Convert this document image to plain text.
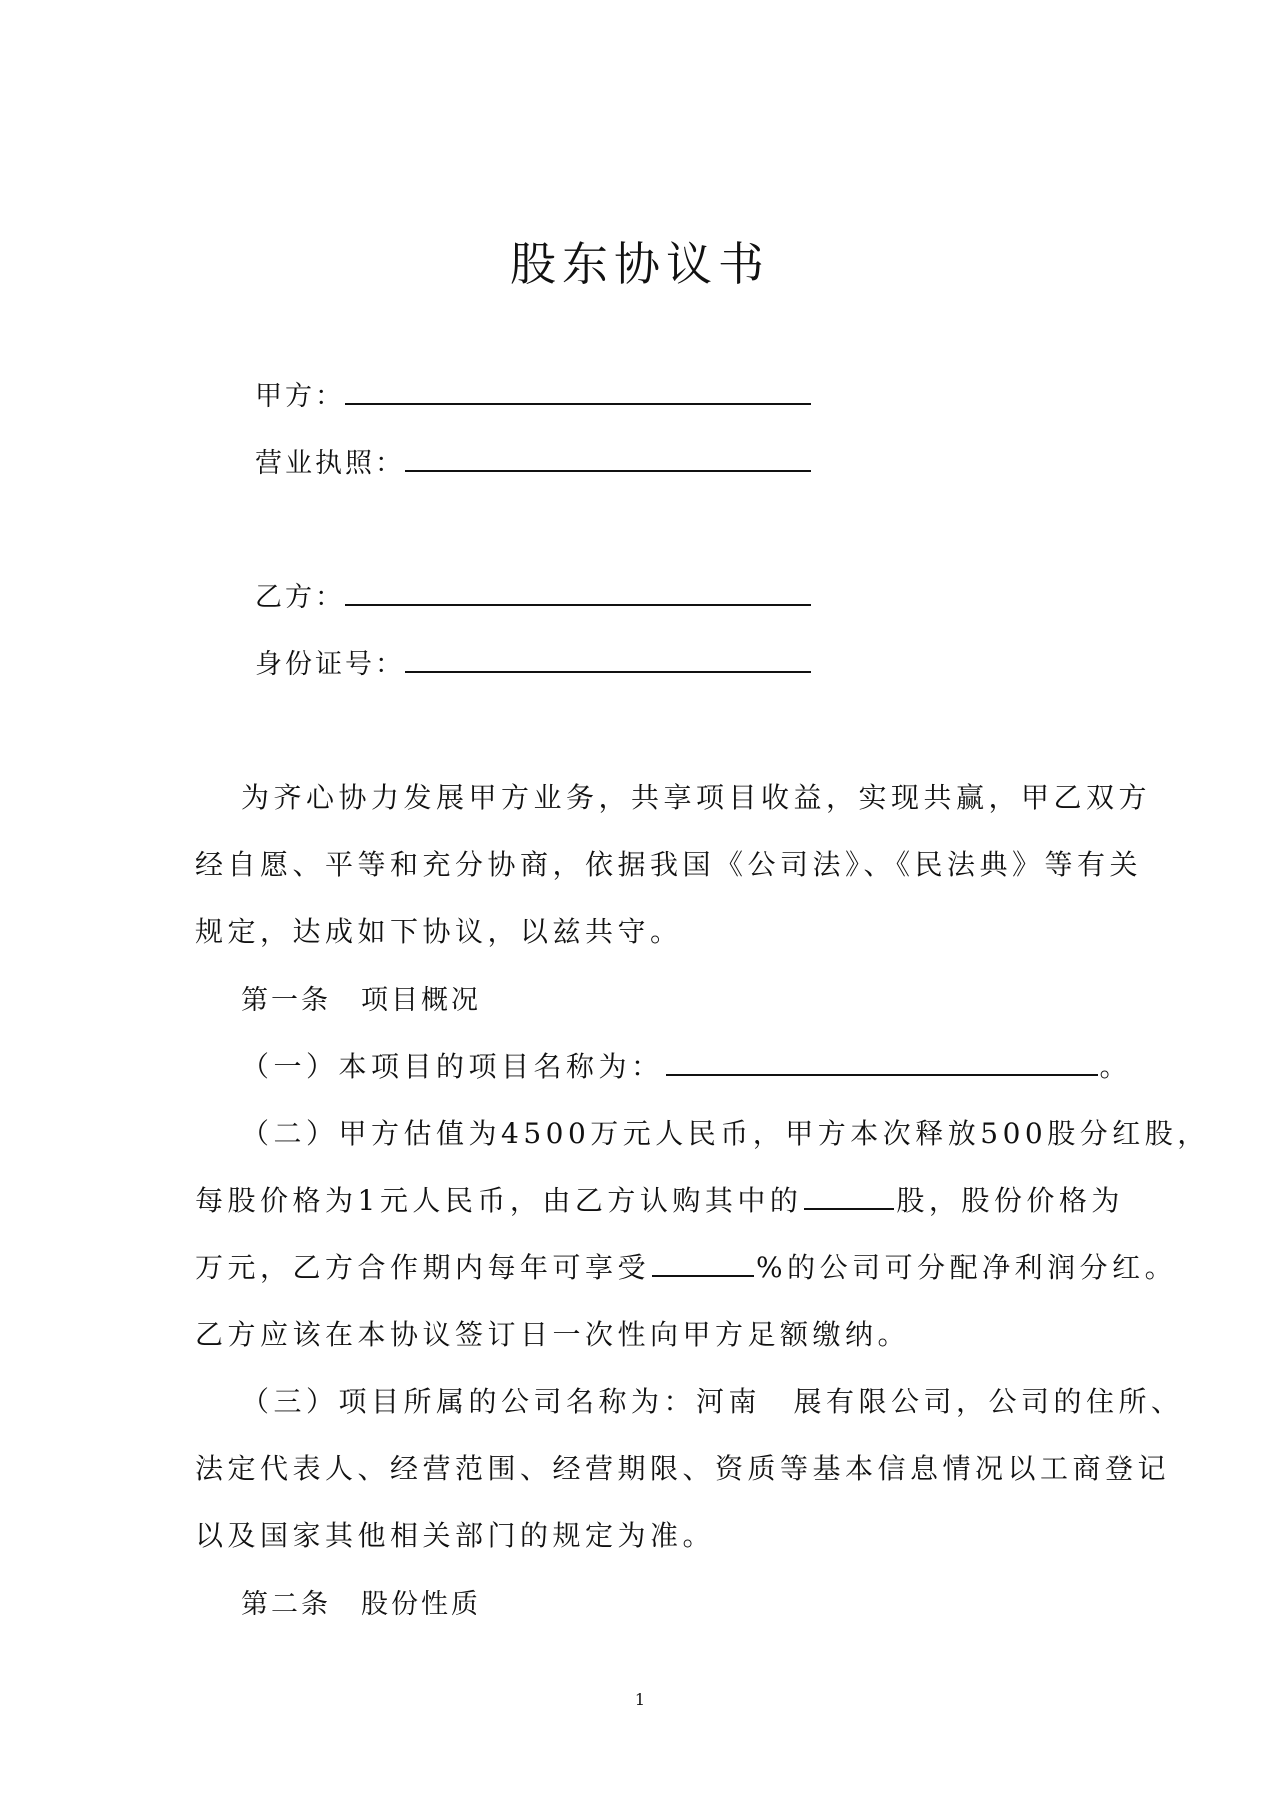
股东协议书
甲方：
营业执照：
乙方：
身份证号：
为齐心协力发展甲方业务，共享项目收益，实现共赢，甲乙双方
经自愿、平等和充分协商，依据我国《公司法》、《民法典》等有关
规定，达成如下协议，以兹共守。
第一条　项目概况
（一）本项目的项目名称为：	。
（二）甲方估值为4500万元人民币，甲方本次释放500股分红股，
每股价格为1元人民币，由乙方认购其中的	股，股份价格为
万元，乙方合作期内每年可享受	%的公司可分配净利润分红。
乙方应该在本协议签订日一次性向甲方足额缴纳。
（三）项目所属的公司名称为：河南　展有限公司，公司的住所、
法定代表人、经营范围、经营期限、资质等基本信息情况以工商登记
以及国家其他相关部门的规定为准。
第二条　股份性质
1
